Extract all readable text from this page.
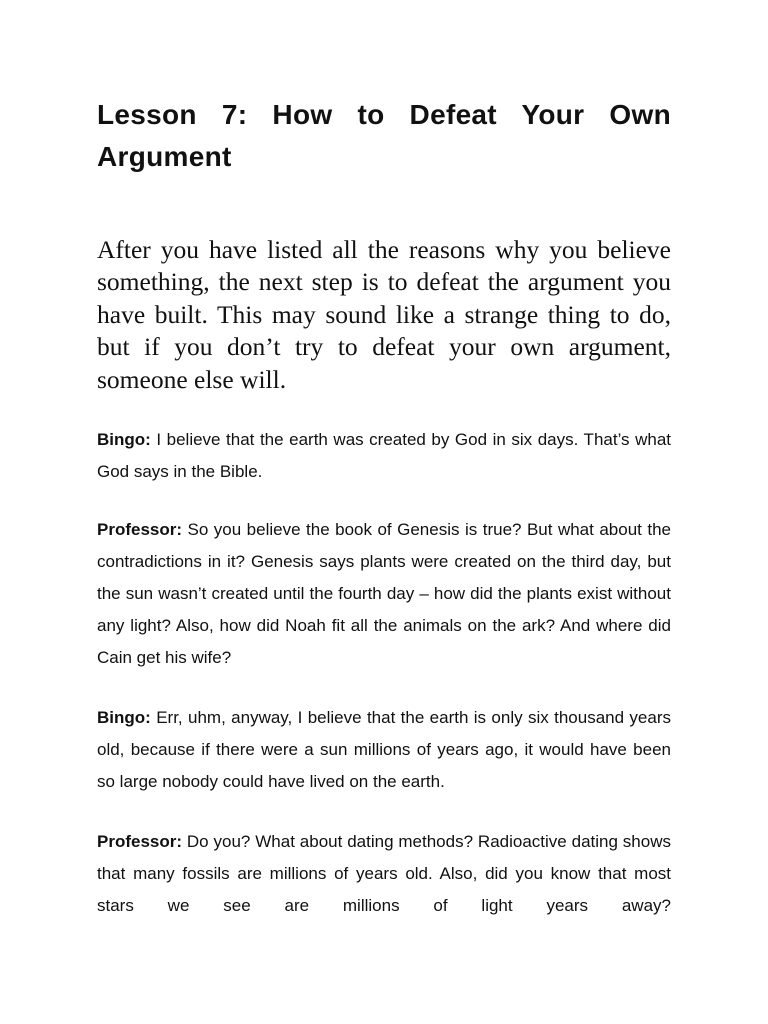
Lesson 7: How to Defeat Your Own Argument

After you have listed all the reasons why you believe something, the next step is to defeat the argument you have built. This may sound like a strange thing to do, but if you don’t try to defeat your own argument, someone else will.

Bingo: I believe that the earth was created by God in six days. That’s what God says in the Bible.

Professor: So you believe the book of Genesis is true? But what about the contradictions in it? Genesis says plants were created on the third day, but the sun wasn’t created until the fourth day – how did the plants exist without any light? Also, how did Noah fit all the animals on the ark? And where did Cain get his wife?

Bingo: Err, uhm, anyway, I believe that the earth is only six thousand years old, because if there were a sun millions of years ago, it would have been so large nobody could have lived on the earth.

Professor: Do you? What about dating methods? Radioactive dating shows that many fossils are millions of years old. Also, did you know that most stars we see are millions of light years away?
